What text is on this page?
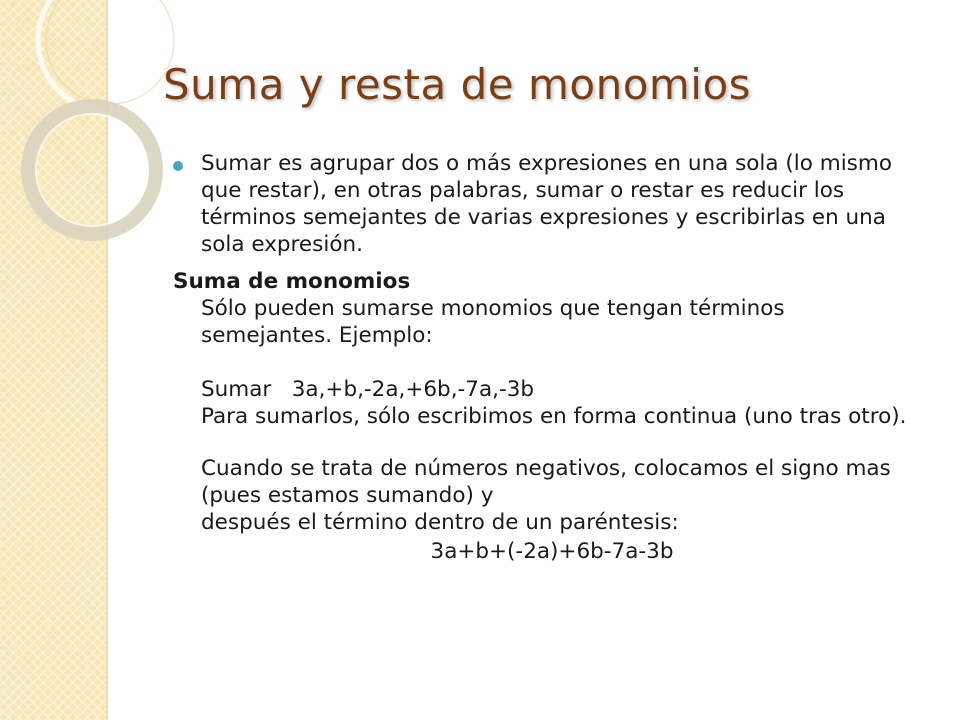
Suma y resta de monomios
Sumar es agrupar dos o más expresiones en una sola (lo mismo que restar), en otras palabras, sumar o restar es reducir los términos semejantes de varias expresiones y escribirlas en una sola expresión.
Suma de monomios
Sólo pueden sumarse monomios que tengan términos semejantes. Ejemplo:
Sumar   3a,+b,-2a,+6b,-7a,-3b
Para sumarlos, sólo escribimos en forma continua (uno tras otro).
Cuando se trata de números negativos, colocamos el signo mas (pues estamos sumando) y
después el término dentro de un paréntesis:
3a+b+(-2a)+6b-7a-3b
